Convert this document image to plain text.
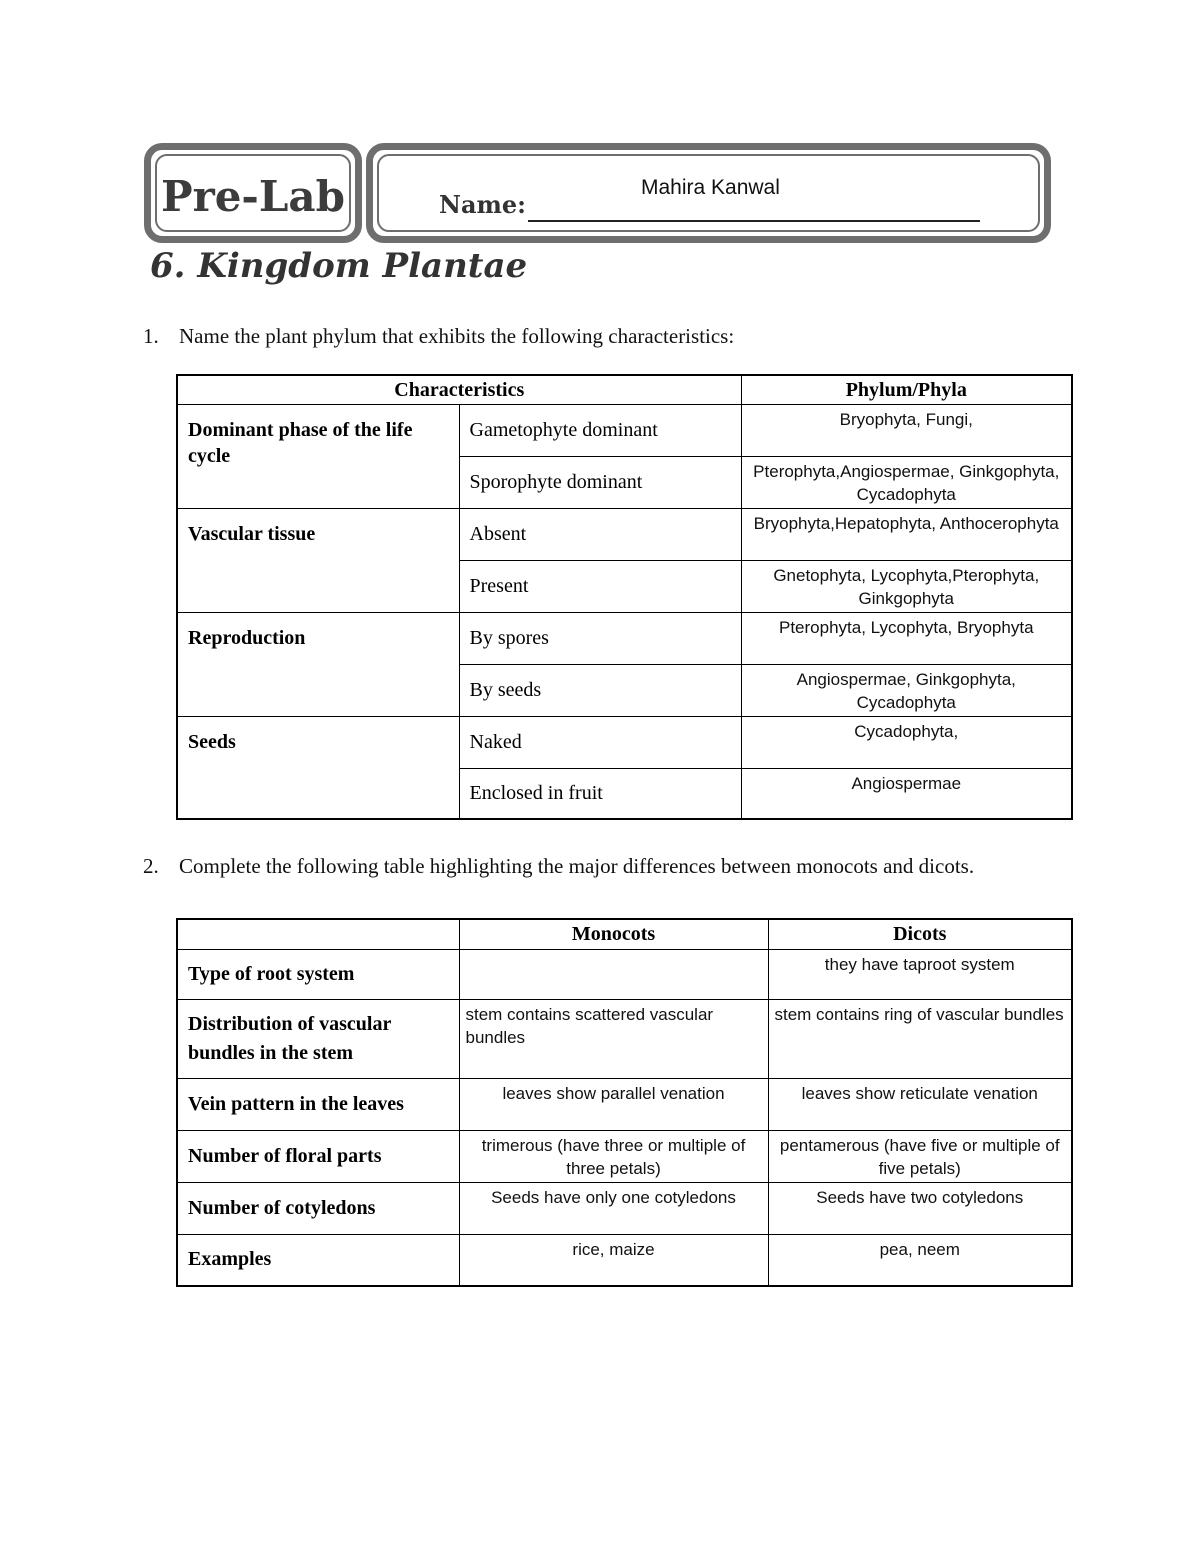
Pre-Lab	Name:
Mahira Kanwal
6. Kingdom Plantae
1. Name the plant phylum that exhibits the following characteristics:
Characteristics		Phylum/Phyla
Dominant phase of the life cycle	Gametophyte dominant	Bryophyta, Fungi,
	Sporophyte dominant	Pterophyta,Angiospermae, Ginkgophyta, Cycadophyta
Vascular tissue	Absent	Bryophyta,Hepatophyta, Anthocerophyta
	Present	Gnetophyta, Lycophyta,Pterophyta, Ginkgophyta
Reproduction	By spores	Pterophyta, Lycophyta, Bryophyta
	By seeds	Angiospermae, Ginkgophyta, Cycadophyta
Seeds	Naked	Cycadophyta,
	Enclosed in fruit	Angiospermae
2. Complete the following table highlighting the major differences between monocots and dicots.
	Monocots	Dicots
Type of root system		they have taproot system
Distribution of vascular bundles in the stem	stem contains scattered vascular bundles	stem contains ring of vascular bundles
Vein pattern in the leaves	leaves show parallel venation	leaves show reticulate venation
Number of floral parts	trimerous (have three or multiple of three petals)	pentamerous (have five or multiple of five petals)
Number of cotyledons	Seeds have only one cotyledons	Seeds have two cotyledons
Examples	rice, maize	pea, neem
